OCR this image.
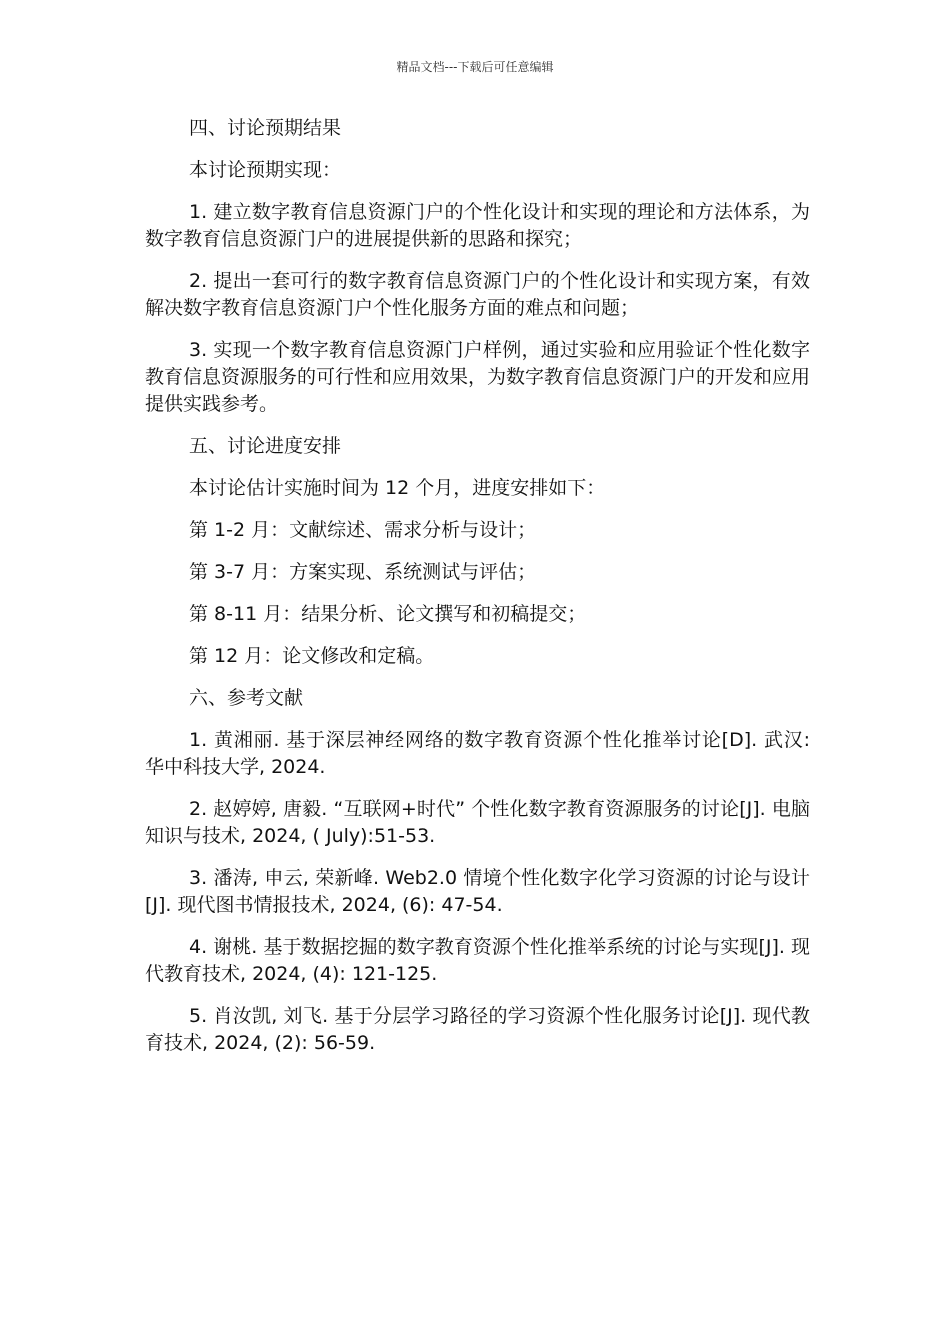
精品文档---下载后可任意编辑

四、讨论预期结果

本讨论预期实现：

1. 建立数字教育信息资源门户的个性化设计和实现的理论和方法体系，为数字教育信息资源门户的进展提供新的思路和探究；

2. 提出一套可行的数字教育信息资源门户的个性化设计和实现方案，有效解决数字教育信息资源门户个性化服务方面的难点和问题；

3. 实现一个数字教育信息资源门户样例，通过实验和应用验证个性化数字教育信息资源服务的可行性和应用效果，为数字教育信息资源门户的开发和应用提供实践参考。

五、讨论进度安排

本讨论估计实施时间为 12 个月，进度安排如下：

第 1-2 月：文献综述、需求分析与设计；

第 3-7 月：方案实现、系统测试与评估；

第 8-11 月：结果分析、论文撰写和初稿提交；

第 12 月：论文修改和定稿。

六、参考文献

1. 黄湘丽. 基于深层神经网络的数字教育资源个性化推举讨论[D]. 武汉: 华中科技大学, 2024.

2. 赵婷婷, 唐毅. “互联网+时代” 个性化数字教育资源服务的讨论[J]. 电脑知识与技术, 2024, ( July):51-53.

3. 潘涛, 申云, 荣新峰. Web2.0 情境个性化数字化学习资源的讨论与设计[J]. 现代图书情报技术, 2024, (6): 47-54.

4. 谢桃. 基于数据挖掘的数字教育资源个性化推举系统的讨论与实现[J]. 现代教育技术, 2024, (4): 121-125.

5. 肖汝凯, 刘飞. 基于分层学习路径的学习资源个性化服务讨论[J]. 现代教育技术, 2024, (2): 56-59.
